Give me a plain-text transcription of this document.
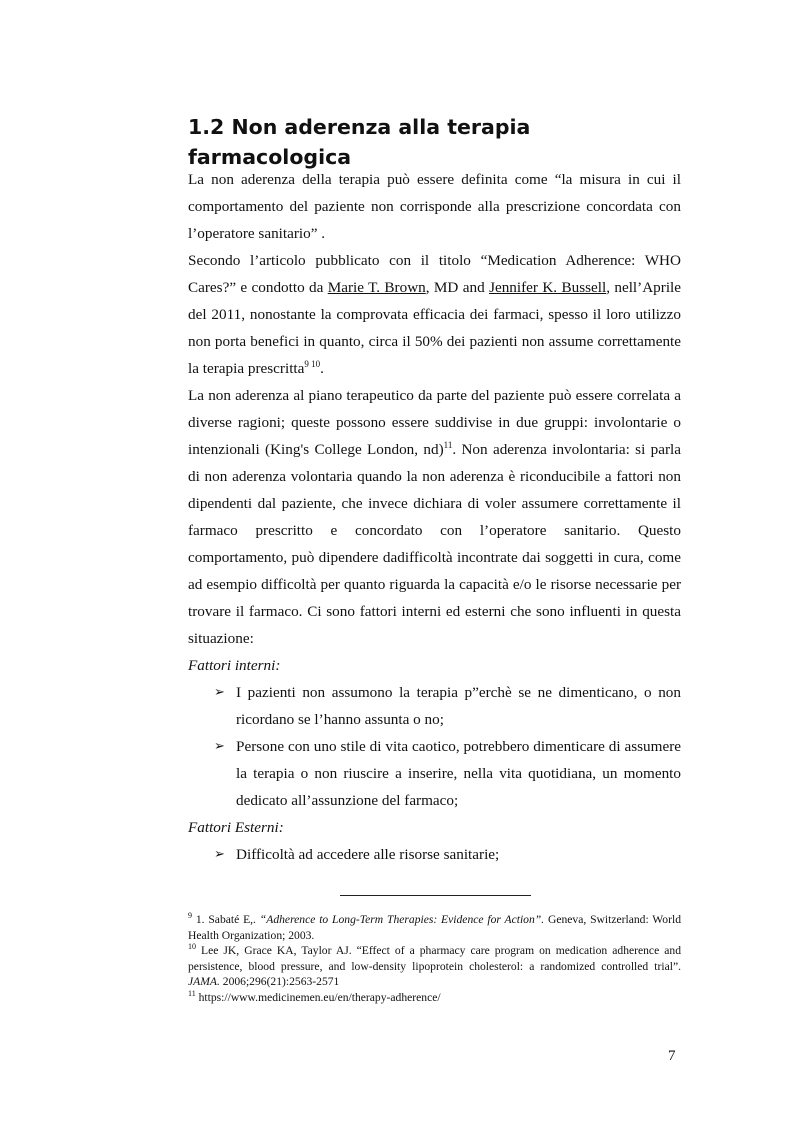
1.2 Non aderenza alla terapia farmacologica

La non aderenza della terapia può essere definita come “la misura in cui il comportamento del paziente non corrisponde alla prescrizione concordata con l’operatore sanitario” .

Secondo l’articolo pubblicato con il titolo “Medication Adherence: WHO Cares?” e condotto da Marie T. Brown, MD and Jennifer K. Bussell, nell’Aprile del 2011, nonostante la comprovata efficacia dei farmaci, spesso il loro utilizzo non porta benefici in quanto, circa il 50% dei pazienti non assume correttamente la terapia prescritta$^{9 10}$.

La non aderenza al piano terapeutico da parte del paziente può essere correlata a diverse ragioni; queste possono essere suddivise in due gruppi: involontarie o intenzionali (King's College London, nd)$^{11}$. Non aderenza involontaria: si parla di non aderenza volontaria quando la non aderenza è riconducibile a fattori non dipendenti dal paziente, che invece dichiara di voler assumere correttamente il farmaco prescritto e concordato con l’operatore sanitario. Questo comportamento, può dipendere dadifficoltà incontrate dai soggetti in cura, come ad esempio difficoltà per quanto riguarda la capacità e/o le risorse necessarie per trovare il farmaco. Ci sono fattori interni ed esterni che sono influenti in questa situazione:

Fattori interni:

➢ I pazienti non assumono la terapia p”erchè se ne dimenticano, o non ricordano se l’hanno assunta o no;
➢ Persone con uno stile di vita caotico, potrebbero dimenticare di assumere la terapia o non riuscire a inserire, nella vita quotidiana, un momento dedicato all’assunzione del farmaco;

Fattori Esterni:

➢ Difficoltà ad accedere alle risorse sanitarie;

$^9$ 1. Sabaté E,. “Adherence to Long-Term Therapies: Evidence for Action”. Geneva, Switzerland: World Health Organization; 2003.

$^{10}$ Lee JK, Grace KA, Taylor AJ. “Effect of a pharmacy care program on medication adherence and persistence, blood pressure, and low-density lipoprotein cholesterol: a randomized controlled trial”. JAMA. 2006;296(21):2563-2571

$^{11}$ https://www.medicinemen.eu/en/therapy-adherence/

7
